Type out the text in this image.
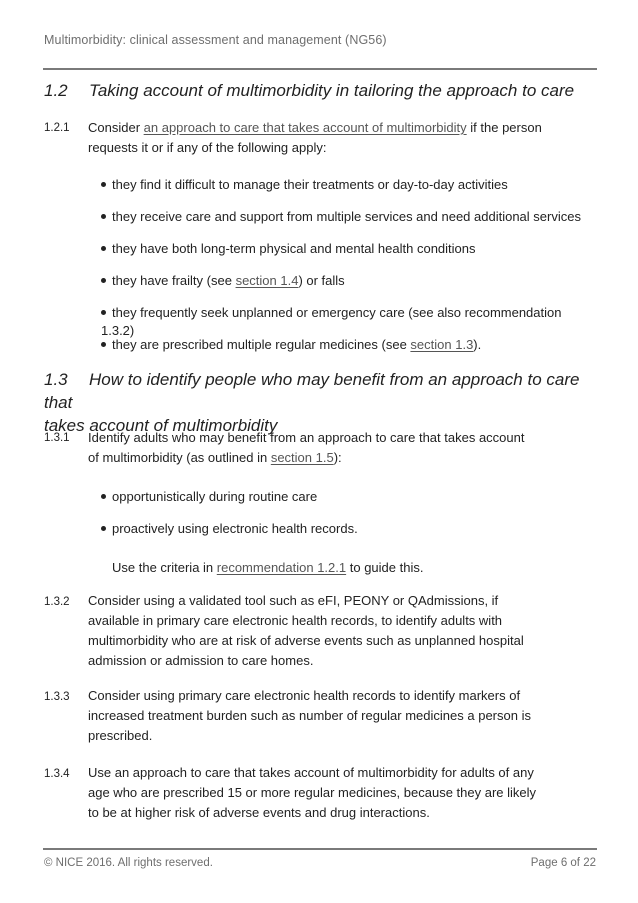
Multimorbidity: clinical assessment and management (NG56)
1.2 Taking account of multimorbidity in tailoring the approach to care
1.2.1 Consider an approach to care that takes account of multimorbidity if the person requests it or if any of the following apply:
they find it difficult to manage their treatments or day-to-day activities
they receive care and support from multiple services and need additional services
they have both long-term physical and mental health conditions
they have frailty (see section 1.4) or falls
they frequently seek unplanned or emergency care (see also recommendation 1.3.2)
they are prescribed multiple regular medicines (see section 1.3).
1.3 How to identify people who may benefit from an approach to care that
takes account of multimorbidity
1.3.1 Identify adults who may benefit from an approach to care that takes account of multimorbidity (as outlined in section 1.5):
opportunistically during routine care
proactively using electronic health records.
Use the criteria in recommendation 1.2.1 to guide this.
1.3.2 Consider using a validated tool such as eFI, PEONY or QAdmissions, if available in primary care electronic health records, to identify adults with multimorbidity who are at risk of adverse events such as unplanned hospital admission or admission to care homes.
1.3.3 Consider using primary care electronic health records to identify markers of increased treatment burden such as number of regular medicines a person is prescribed.
1.3.4 Use an approach to care that takes account of multimorbidity for adults of any age who are prescribed 15 or more regular medicines, because they are likely to be at higher risk of adverse events and drug interactions.
© NICE 2016. All rights reserved.	Page 6 of 22
